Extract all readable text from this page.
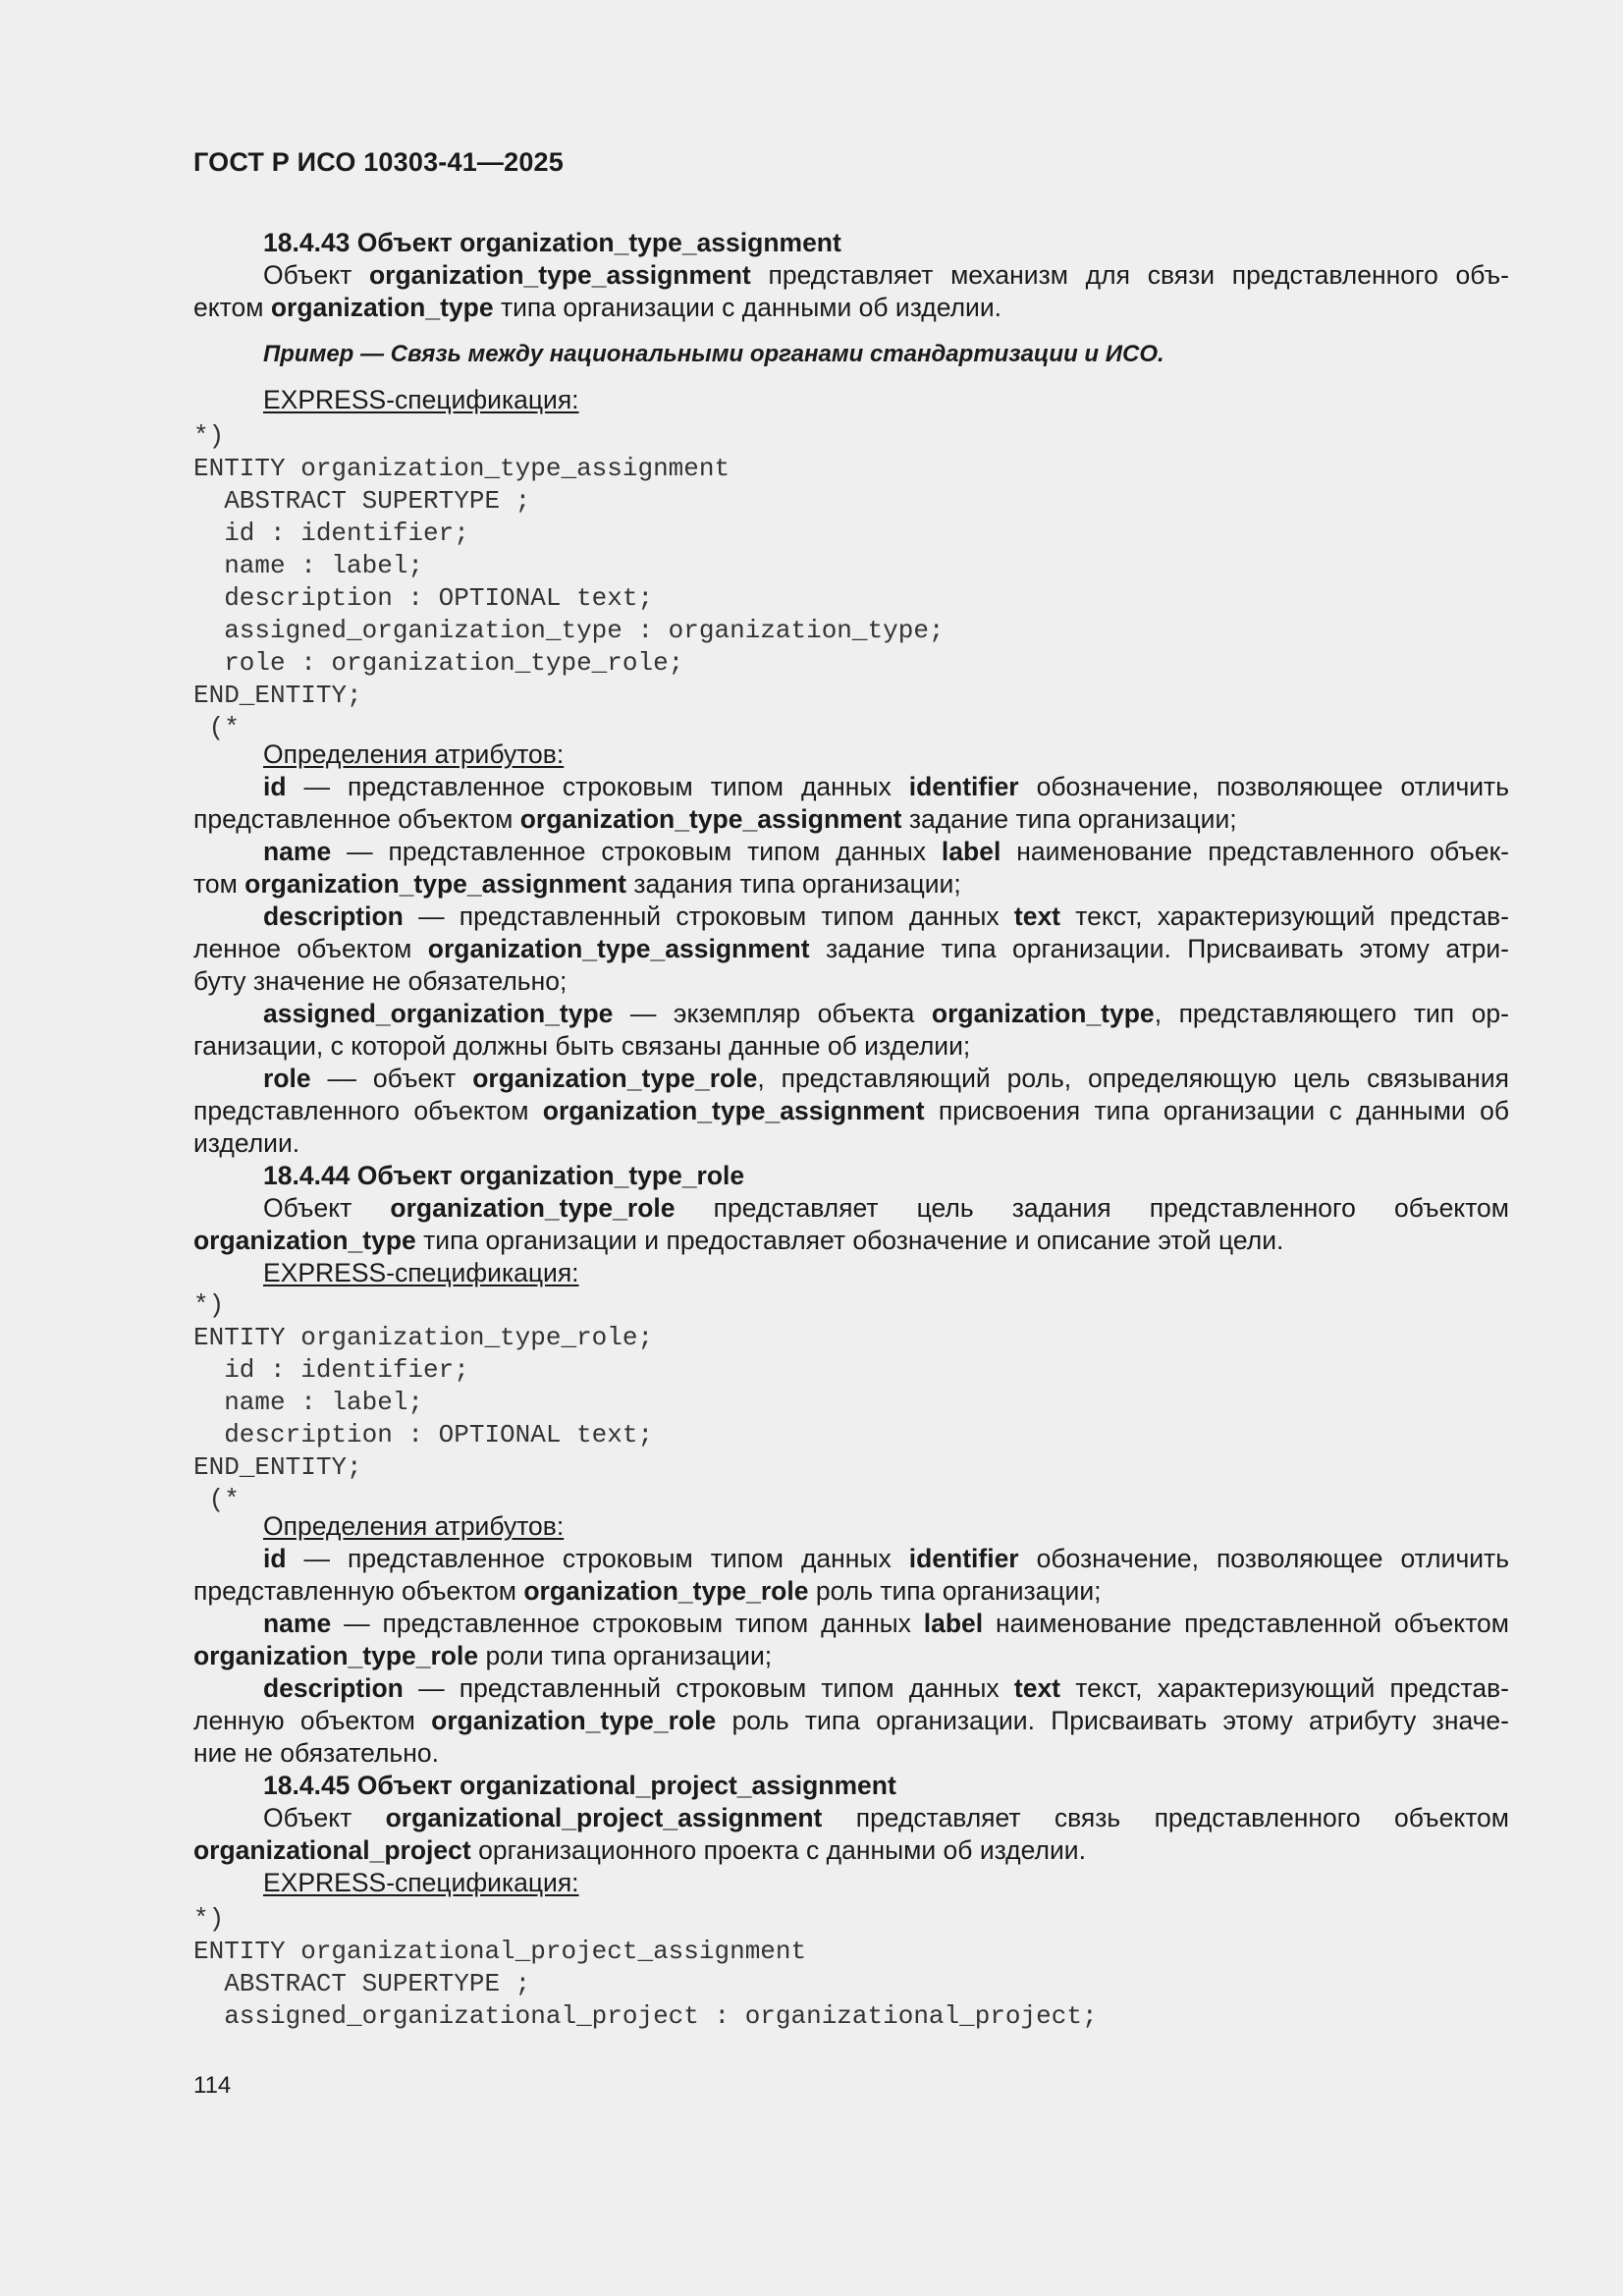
ГОСТ Р ИСО 10303-41—2025
18.4.43 Объект organization_type_assignment
Объект organization_type_assignment представляет механизм для связи представленного объ-
ектом organization_type типа организации с данными об изделии.
Пример — Связь между национальными органами стандартизации и ИСО.
EXPRESS-спецификация:
*)
ENTITY organization_type_assignment
ABSTRACT SUPERTYPE ;
id : identifier;
name : label;
description : OPTIONAL text;
assigned_organization_type : organization_type;
role : organization_type_role;
END_ENTITY;
(*
Определения атрибутов:
id — представленное строковым типом данных identifier обозначение, позволяющее отличить
представленное объектом organization_type_assignment задание типа организации;
name — представленное строковым типом данных label наименование представленного объек-
том organization_type_assignment задания типа организации;
description — представленный строковым типом данных text текст, характеризующий представ-
ленное объектом organization_type_assignment задание типа организации. Присваивать этому атри-
буту значение не обязательно;
assigned_organization_type — экземпляр объекта organization_type, представляющего тип ор-
ганизации, с которой должны быть связаны данные об изделии;
role –– объект organization_type_role, представляющий роль, определяющую цель связывания
представленного объектом organization_type_assignment присвоения типа организации с данными об
изделии.
18.4.44 Объект organization_type_role
Объект organization_type_role представляет цель задания представленного объектом
organization_type типа организации и предоставляет обозначение и описание этой цели.
EXPRESS-спецификация:
*)
ENTITY organization_type_role;
id : identifier;
name : label;
description : OPTIONAL text;
END_ENTITY;
(*
Определения атрибутов:
id — представленное строковым типом данных identifier обозначение, позволяющее отличить
представленную объектом organization_type_role роль типа организации;
name — представленное строковым типом данных label наименование представленной объектом
organization_type_role роли типа организации;
description — представленный строковым типом данных text текст, характеризующий представ-
ленную объектом organization_type_role роль типа организации. Присваивать этому атрибуту значе-
ние не обязательно.
18.4.45 Объект organizational_project_assignment
Объект organizational_project_assignment представляет связь представленного объектом
organizational_project организационного проекта с данными об изделии.
EXPRESS-спецификация:
*)
ENTITY organizational_project_assignment
ABSTRACT SUPERTYPE ;
assigned_organizational_project : organizational_project;
114
